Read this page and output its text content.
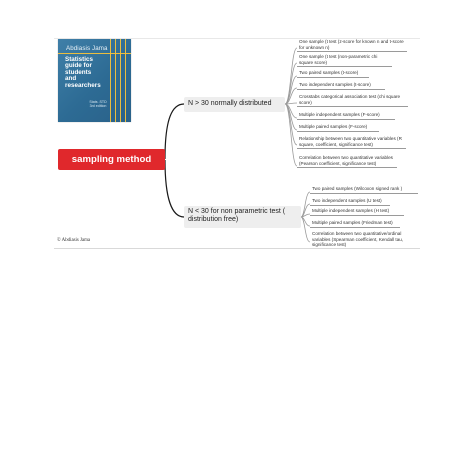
Abdiasis Jama
Statistics
guide for
students
and
researchers
Stats .STD
3rd edition
sampling method
N > 30 normally distributed
N < 30 for non parametric test ( distribution free)
One sample (t test (z-score for known n and t-score for unknown n)
One sample (t test (non-parametric chi square score)
Two paired samples (t-score)
Two independent samples (t-score)
Crosstabs categorical association test (chi square score)
Multiple independent samples (F-score)
Multiple paired samples (F-score)
Relationship between two quantitative variables (R square, coefficient, significance test)
Correlation between two quantitative variables (Pearson coefficient, significance test)
Two paired samples (Wilcoxon signed rank )
Two independent samples (U test)
Multiple independent samples (H test)
Multiple paired samples (Friedman test)
Correlation between two quantitative/ordinal variables (Spearman coefficient, Kendall tau, significance test)
© Abdiasis Jama
